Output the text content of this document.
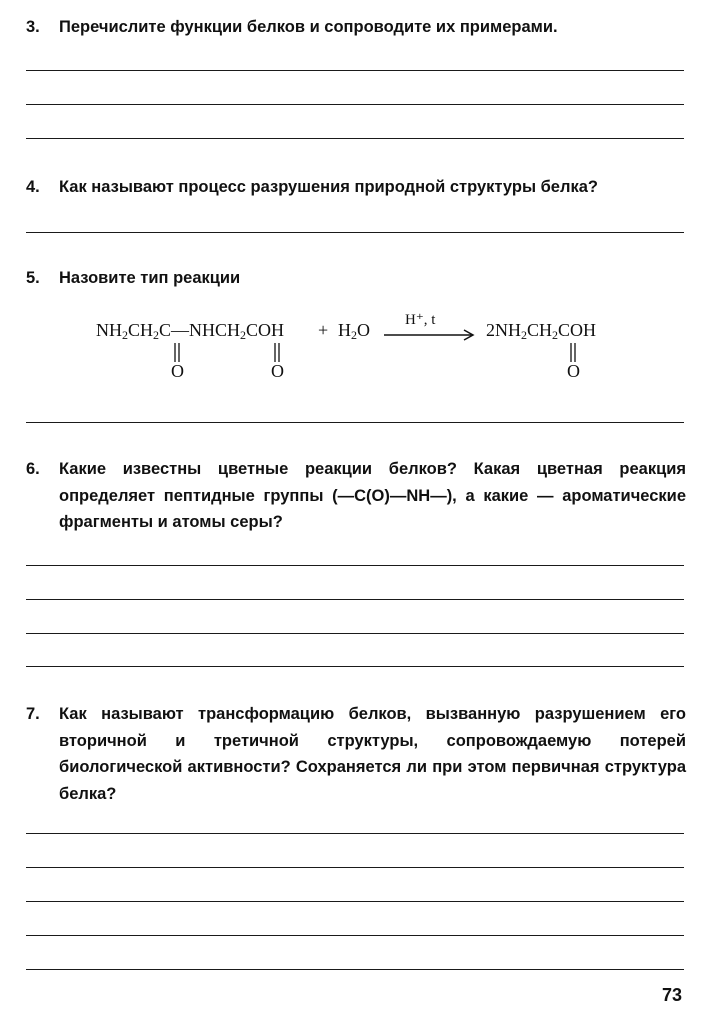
3. Перечислите функции белков и сопроводите их примерами.
4. Как называют процесс разрушения природной структуры белка?
5. Назовите тип реакции
$NH_2CH_2C—NHCH_2COH + H_2O$ H⁺, t	$2NH_2CH_2COH$
O	O	O
6. Какие известны цветные реакции белков? Какая цветная реакция определяет пептидные группы (—C(O)—NH—), а какие — ароматические фрагменты и атомы серы?
7. Как называют трансформацию белков, вызванную разрушением его вторичной и третичной структуры, сопровождаемую потерей биологической активности? Сохраняется ли при этом первичная структура белка?
73
